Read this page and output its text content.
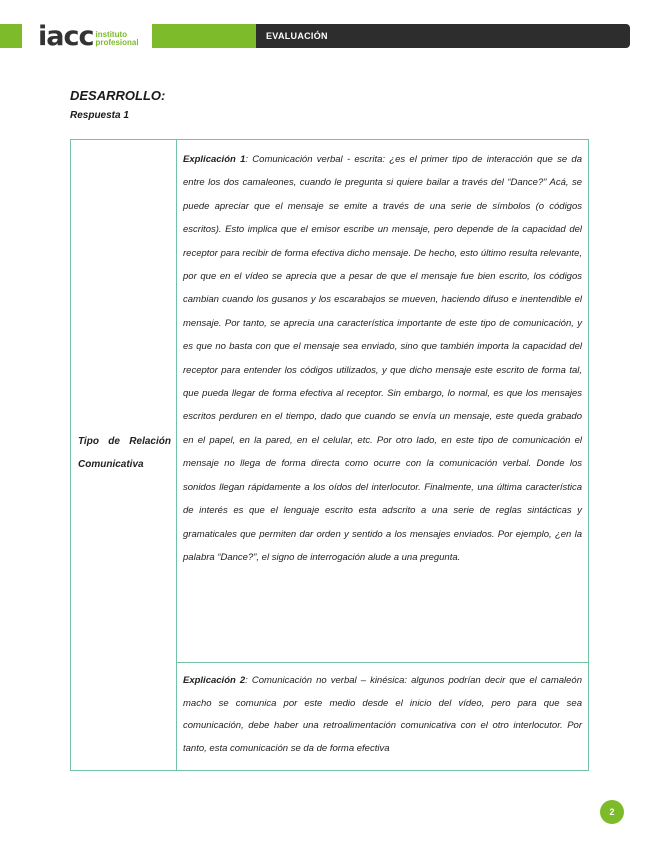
iacc instituto
profesional
EVALUACIÓN
DESARROLLO:
Respuesta 1
Tipo de Relación Comunicativa
Explicación 1: Comunicación verbal - escrita: ¿es el primer tipo de interacción que se da entre los dos camaleones, cuando le pregunta si quiere bailar a través del “Dance?” Acá, se puede apreciar que el mensaje se emite a través de una serie de símbolos (o códigos escritos). Esto implica que el emisor escribe un mensaje, pero depende de la capacidad del receptor para recibir de forma efectiva dicho mensaje. De hecho, esto último resulta relevante, por que en el vídeo se aprecia que a pesar de que el mensaje fue bien escrito, los códigos cambian cuando los gusanos y los escarabajos se mueven, haciendo difuso e inentendible el mensaje. Por tanto, se aprecia una característica importante de este tipo de comunicación, y es que no basta con que el mensaje sea enviado, sino que también importa la capacidad del receptor para entender los códigos utilizados, y que dicho mensaje este escrito de forma tal, que pueda llegar de forma efectiva al receptor. Sin embargo, lo normal, es que los mensajes escritos perduren en el tiempo, dado que cuando se envía un mensaje, este queda grabado en el papel, en la pared, en el celular, etc. Por otro lado, en este tipo de comunicación el mensaje no llega de forma directa como ocurre con la comunicación verbal. Donde los sonidos llegan rápidamente a los oídos del interlocutor. Finalmente, una última característica de interés es que el lenguaje escrito esta adscrito a una serie de reglas sintácticas y gramaticales que permiten dar orden y sentido a los mensajes enviados. Por ejemplo, ¿en la palabra “Dance?”, el signo de interrogación alude a una pregunta.
Explicación 2: Comunicación no verbal – kinésica: algunos podrían decir que el camaleón macho se comunica por este medio desde el inicio del vídeo, pero para que sea comunicación, debe haber una retroalimentación comunicativa con el otro interlocutor. Por tanto, esta comunicación se da de forma efectiva
2
